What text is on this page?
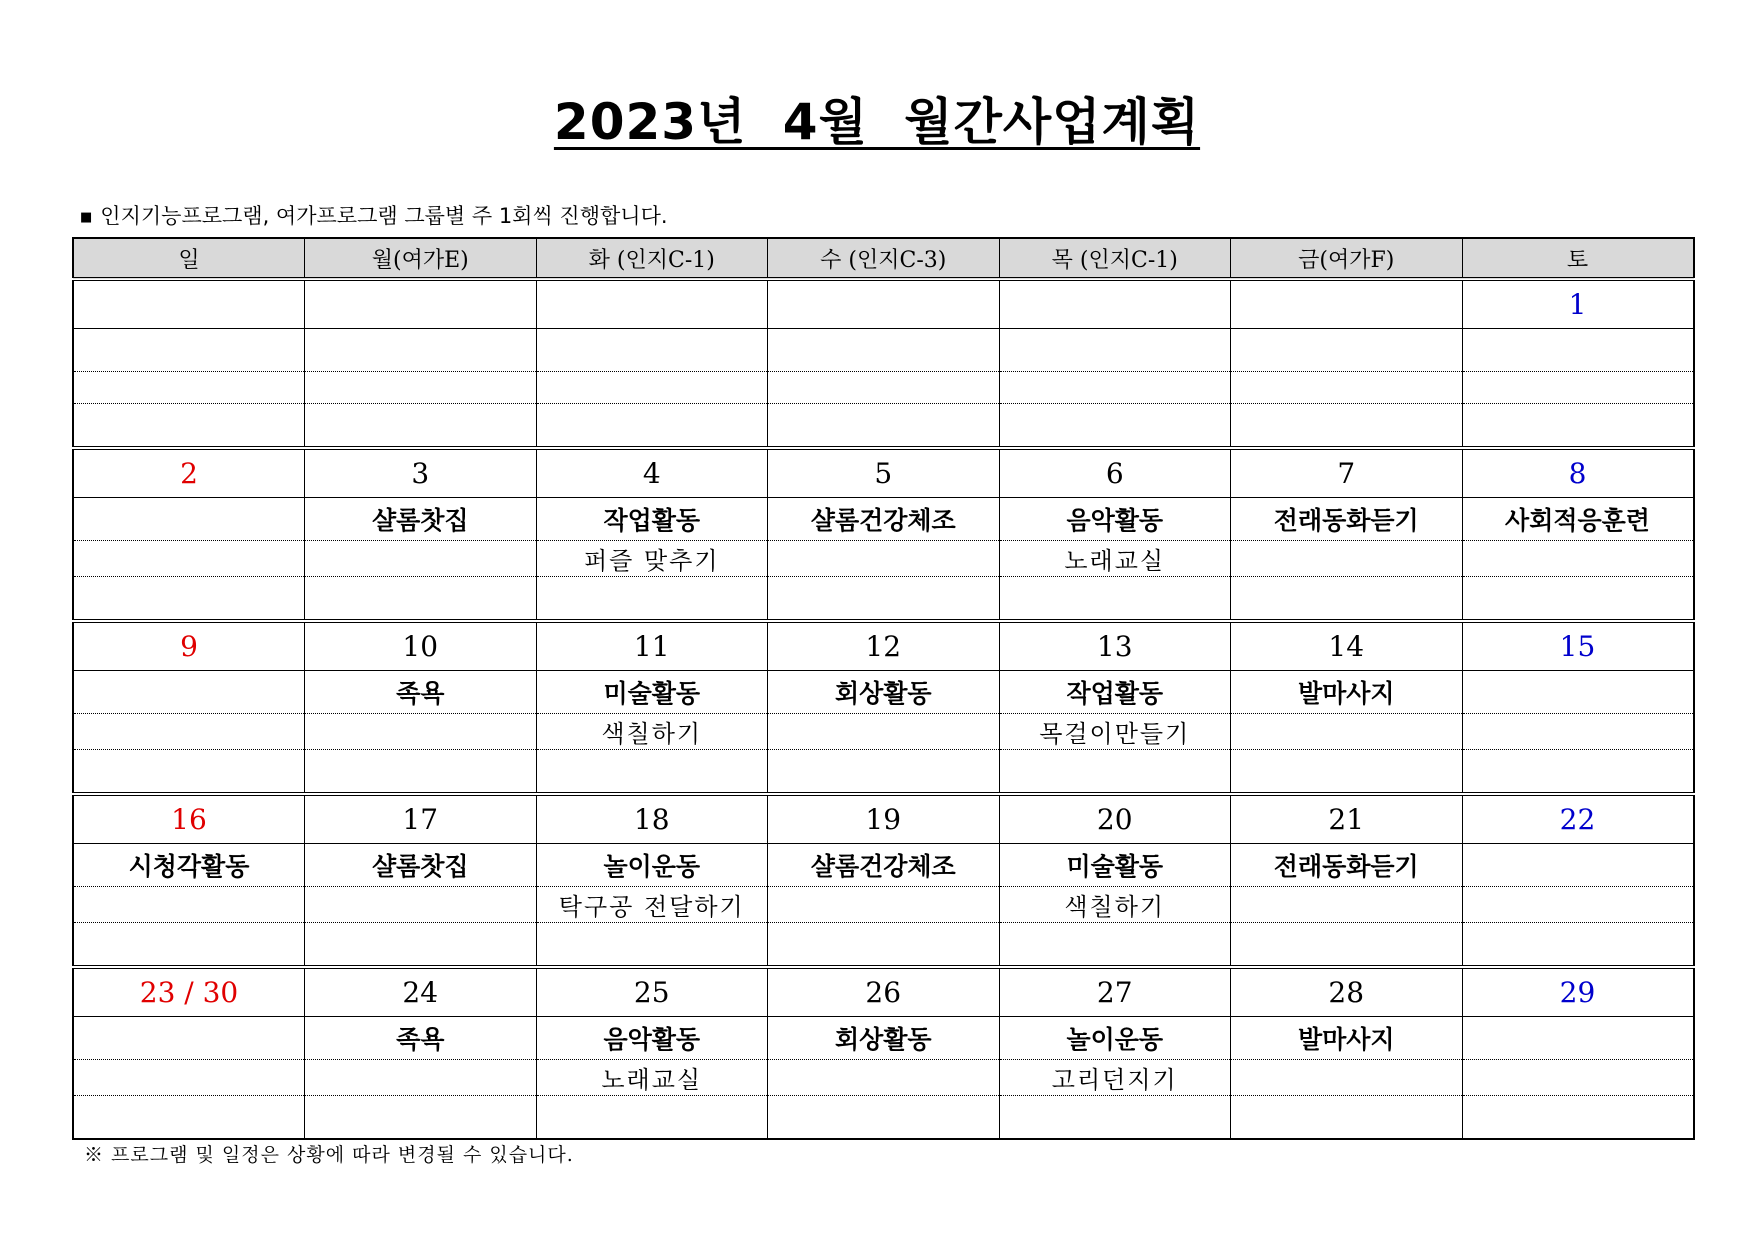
2023년 4월 월간사업계획
■ 인지기능프로그램, 여가프로그램 그룹별 주 1회씩 진행합니다.
일	월(여가E)	화 (인지C-1)	수 (인지C-3)	목 (인지C-1)	금(여가F)	토
						1

2	3	4	5	6	7	8
	샬롬찻집	작업활동	샬롬건강체조	음악활동	전래동화듣기	사회적응훈련
		퍼즐 맞추기		노래교실		

9	10	11	12	13	14	15
	족욕	미술활동	회상활동	작업활동	발마사지	
		색칠하기		목걸이만들기		

16	17	18	19	20	21	22
시청각활동	샬롬찻집	놀이운동	샬롬건강체조	미술활동	전래동화듣기	
		탁구공 전달하기		색칠하기		

23 / 30	24	25	26	27	28	29
	족욕	음악활동	회상활동	놀이운동	발마사지	
		노래교실		고리던지기		

※ 프로그램 및 일정은 상황에 따라 변경될 수 있습니다.
